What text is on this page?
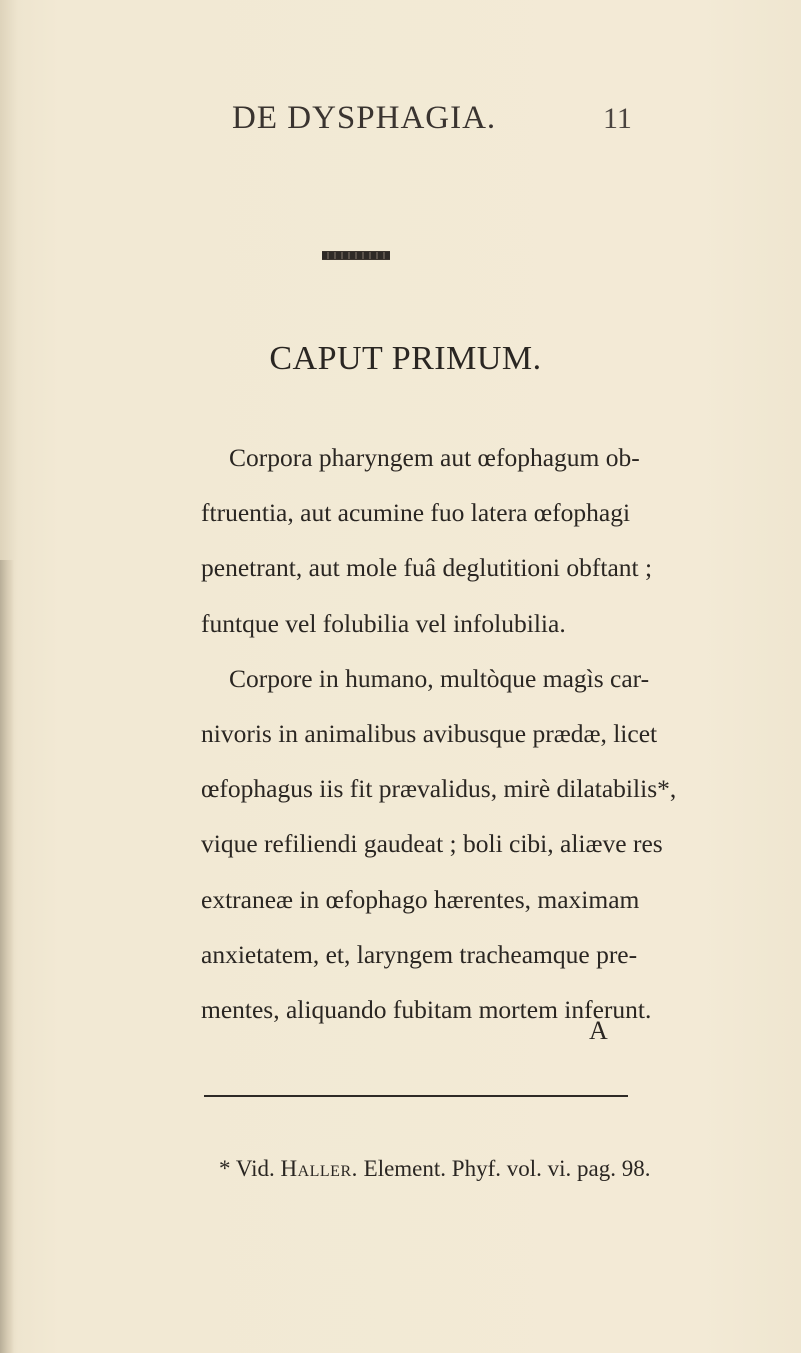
DE DYSPHAGIA.	11
CAPUT PRIMUM.
Corpora pharyngem aut œfophagum ob-
ftruentia, aut acumine fuo latera œfophagi
penetrant, aut mole fuâ deglutitioni obftant ;
funtque vel folubilia vel infolubilia.
Corpore in humano, multòque magìs car-
nivoris in animalibus avibusque prædæ, licet
œfophagus iis fit prævalidus, mirè dilatabilis*,
vique refiliendi gaudeat ; boli cibi, aliæve res
extraneæ in œfophago hærentes, maximam
anxietatem, et, laryngem tracheamque pre-
mentes, aliquando fubitam mortem inferunt.
A
* Vid. Haller. Element. Phyf. vol. vi. pag. 98.
